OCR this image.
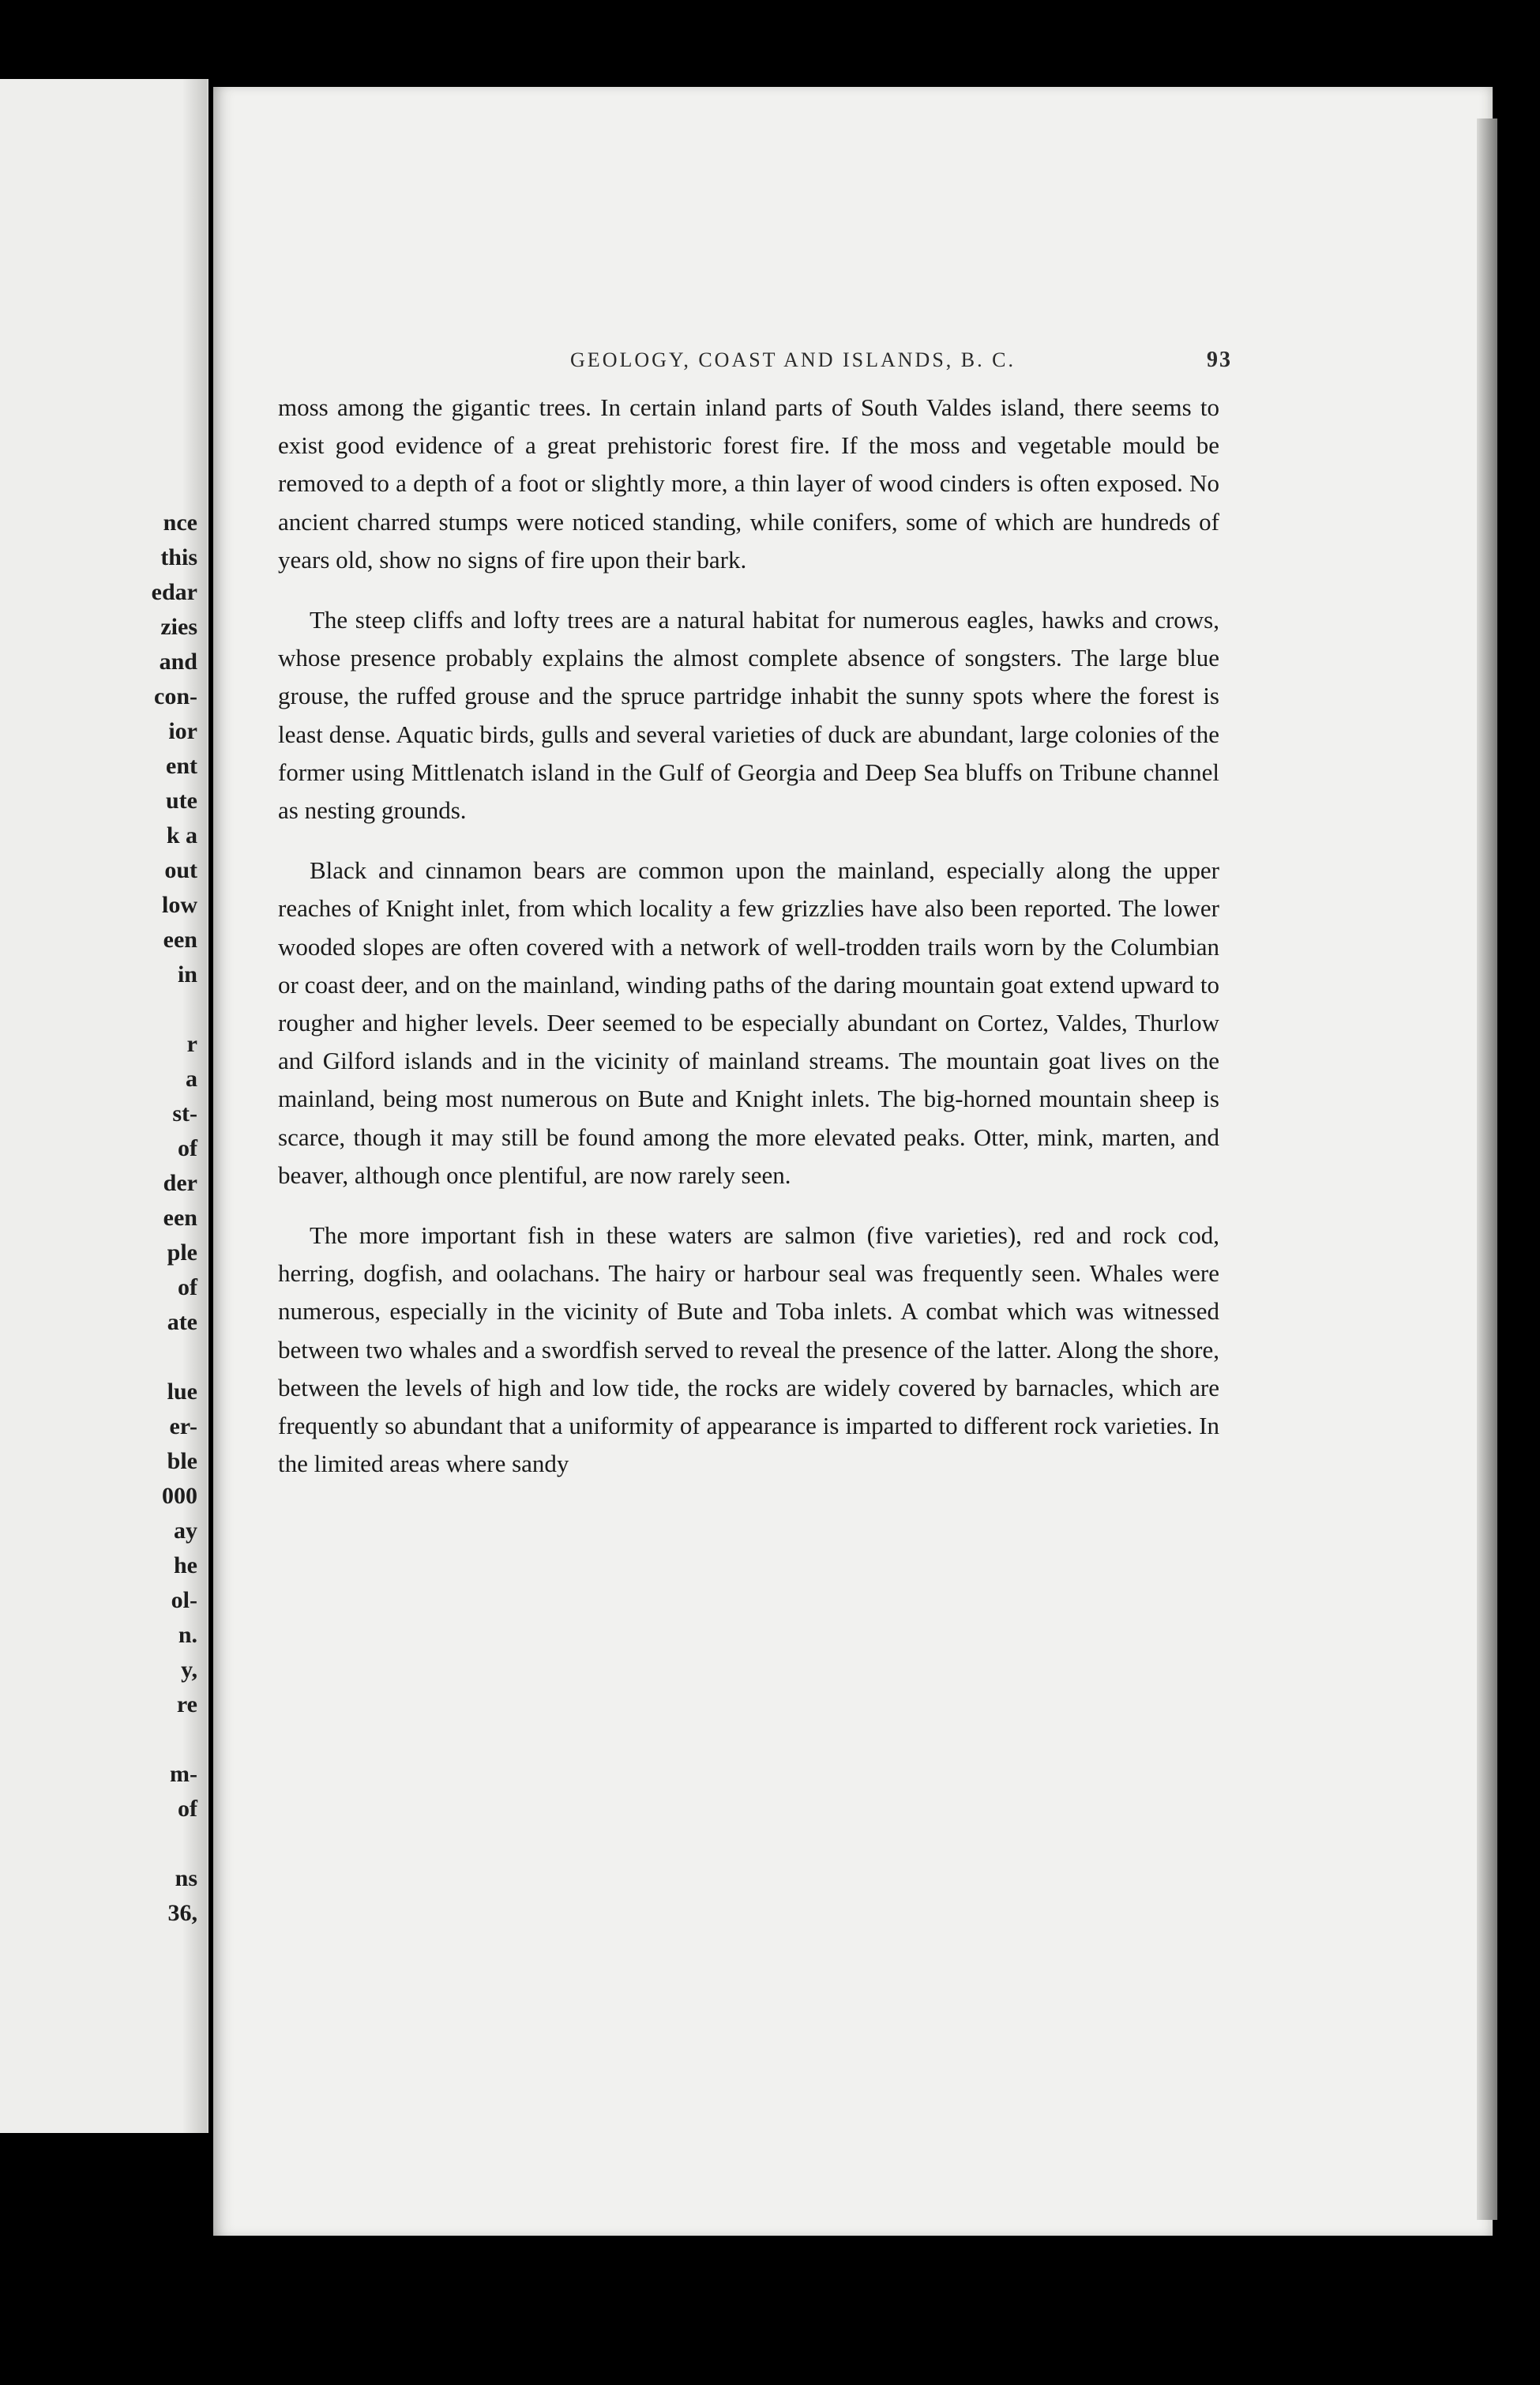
nce
this
edar
zies
and
con-
ior
ent
ute
k a
out
low
een
in

r
a
st-
of
der
een
ple
of
ate

lue
er-
ble
000
ay
he
ol-
n.
y,
re

m-
of

ns
36,
GEOLOGY, COAST AND ISLANDS, B. C.	93

moss among the gigantic trees. In certain inland parts of South Valdes island, there seems to exist good evidence of a great prehistoric forest fire. If the moss and vegetable mould be removed to a depth of a foot or slightly more, a thin layer of wood cinders is often exposed. No ancient charred stumps were noticed standing, while conifers, some of which are hundreds of years old, show no signs of fire upon their bark.

The steep cliffs and lofty trees are a natural habitat for numerous eagles, hawks and crows, whose presence probably explains the almost complete absence of songsters. The large blue grouse, the ruffed grouse and the spruce partridge inhabit the sunny spots where the forest is least dense. Aquatic birds, gulls and several varieties of duck are abundant, large colonies of the former using Mittlenatch island in the Gulf of Georgia and Deep Sea bluffs on Tribune channel as nesting grounds.

Black and cinnamon bears are common upon the mainland, especially along the upper reaches of Knight inlet, from which locality a few grizzlies have also been reported. The lower wooded slopes are often covered with a network of well-trodden trails worn by the Columbian or coast deer, and on the mainland, winding paths of the daring mountain goat extend upward to rougher and higher levels. Deer seemed to be especially abundant on Cortez, Valdes, Thurlow and Gilford islands and in the vicinity of mainland streams. The mountain goat lives on the mainland, being most numerous on Bute and Knight inlets. The big-horned mountain sheep is scarce, though it may still be found among the more elevated peaks. Otter, mink, marten, and beaver, although once plentiful, are now rarely seen.

The more important fish in these waters are salmon (five varieties), red and rock cod, herring, dogfish, and oolachans. The hairy or harbour seal was frequently seen. Whales were numerous, especially in the vicinity of Bute and Toba inlets. A combat which was witnessed between two whales and a swordfish served to reveal the presence of the latter. Along the shore, between the levels of high and low tide, the rocks are widely covered by barnacles, which are frequently so abundant that a uniformity of appearance is imparted to different rock varieties. In the limited areas where sandy
